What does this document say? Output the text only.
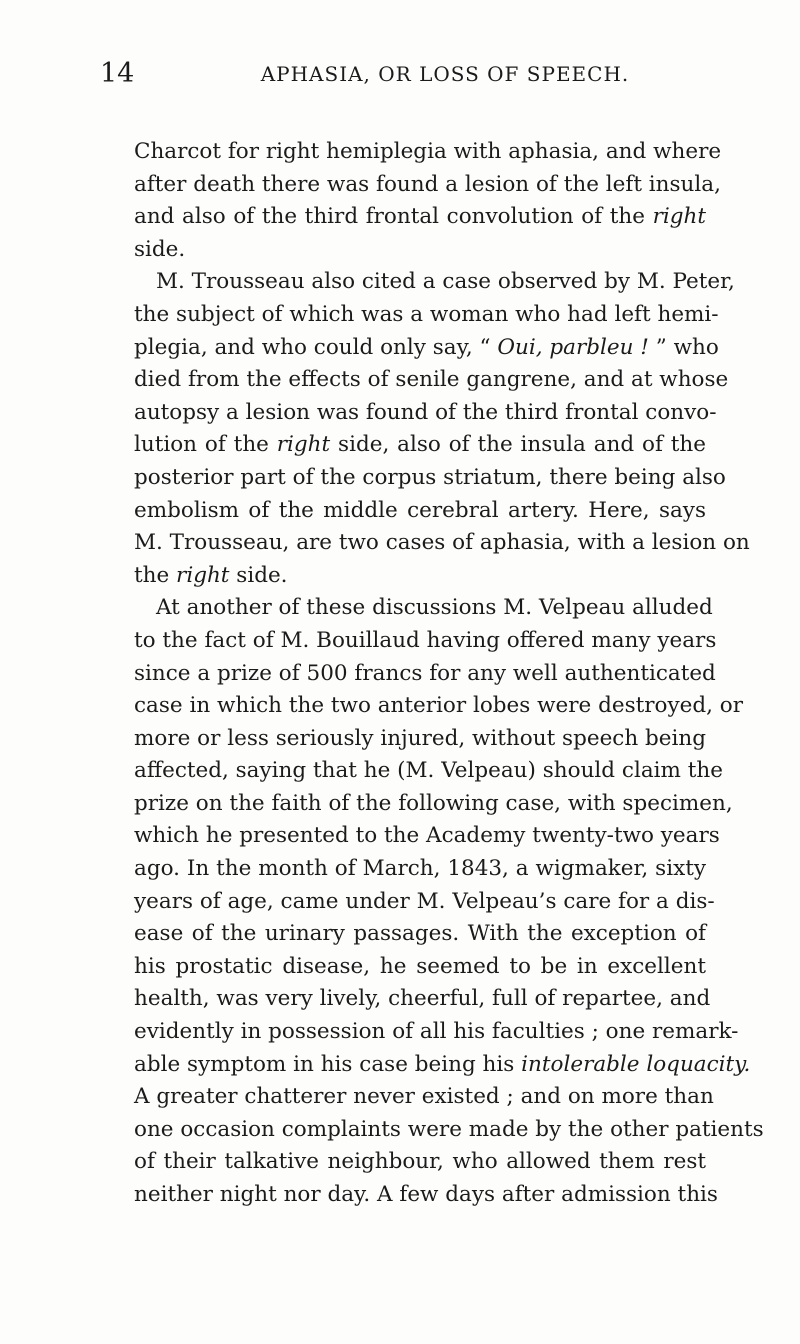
14	APHASIA, OR LOSS OF SPEECH.
Charcot for right hemiplegia with aphasia, and where
after death there was found a lesion of the left insula,
and also of the third frontal convolution of the right
side.
M. Trousseau also cited a case observed by M. Peter,
the subject of which was a woman who had left hemi-
plegia, and who could only say, “ Oui, parbleu ! ” who
died from the effects of senile gangrene, and at whose
autopsy a lesion was found of the third frontal convo-
lution of the right side, also of the insula and of the
posterior part of the corpus striatum, there being also
embolism of the middle cerebral artery. Here, says
M. Trousseau, are two cases of aphasia, with a lesion on
the right side.
At another of these discussions M. Velpeau alluded
to the fact of M. Bouillaud having offered many years
since a prize of 500 francs for any well authenticated
case in which the two anterior lobes were destroyed, or
more or less seriously injured, without speech being
affected, saying that he (M. Velpeau) should claim the
prize on the faith of the following case, with specimen,
which he presented to the Academy twenty-two years
ago. In the month of March, 1843, a wigmaker, sixty
years of age, came under M. Velpeau’s care for a dis-
ease of the urinary passages. With the exception of
his prostatic disease, he seemed to be in excellent
health, was very lively, cheerful, full of repartee, and
evidently in possession of all his faculties ; one remark-
able symptom in his case being his intolerable loquacity.
A greater chatterer never existed ; and on more than
one occasion complaints were made by the other patients
of their talkative neighbour, who allowed them rest
neither night nor day. A few days after admission this
